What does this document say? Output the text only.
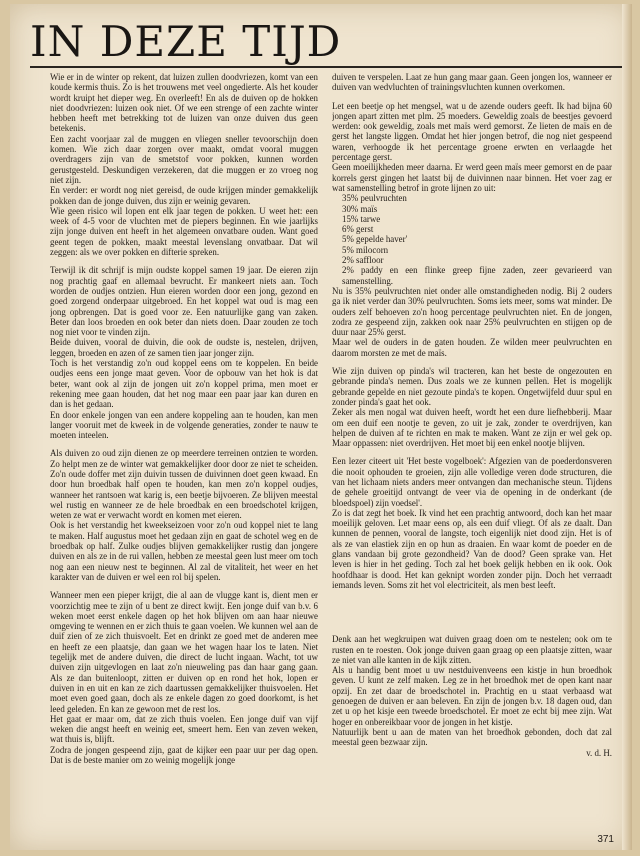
IN DEZE TIJD

Wie er in de winter op rekent, dat luizen zullen doodvriezen, komt van een koude kermis thuis. Zo is het trouwens met veel ongedierte. Als het kouder wordt kruipt het dieper weg. En overleeft! En als de duiven op de hokken niet doodvriezen: luizen ook niet. Of we een strenge of een zachte winter hebben heeft met betrekking tot de luizen van onze duiven dus geen betekenis.

Een zacht voorjaar zal de muggen en vliegen sneller tevoorschijn doen komen. Wie zich daar zorgen over maakt, omdat vooral muggen overdragers zijn van de smetstof voor pokken, kunnen worden gerustgesteld. Deskundigen verzekeren, dat die muggen er zo vroeg nog niet zijn.

En verder: er wordt nog niet gereisd, de oude krijgen minder gemakkelijk pokken dan de jonge duiven, dus zijn er weinig gevaren.

Wie geen risico wil lopen ent elk jaar tegen de pokken. U weet het: een week of 4-5 voor de vluchten met de piepers beginnen. En wie jaarlijks zijn jonge duiven ent heeft in het algemeen onvatbare ouden. Want goed geent tegen de pokken, maakt meestal levenslang onvatbaar. Dat wil zeggen: als we over pokken en difterie spreken.

Terwijl ik dit schrijf is mijn oudste koppel samen 19 jaar. De eieren zijn nog prachtig gaaf en allemaal bevrucht. Er mankeert niets aan. Toch worden de oudjes ontzien. Hun eieren worden door een jong, gezond en goed zorgend onderpaar uitgebroed. En het koppel wat oud is mag een jong opbrengen. Dat is goed voor ze. Een natuurlijke gang van zaken. Beter dan loos broeden en ook beter dan niets doen. Daar zouden ze toch nog niet voor te vinden zijn.

Beide duiven, vooral de duivin, die ook de oudste is, nestelen, drijven, leggen, broeden en azen of ze samen tien jaar jonger zijn.

Toch is het verstandig zo'n oud koppel eens om te koppelen. En beide oudjes eens een jonge maat geven. Voor de opbouw van het hok is dat beter, want ook al zijn de jongen uit zo'n koppel prima, men moet er rekening mee gaan houden, dat het nog maar een paar jaar kan duren en dan is het gedaan.

En door enkele jongen van een andere koppeling aan te houden, kan men langer vooruit met de kweek in de volgende generaties, zonder te nauw te moeten inteelen.

Als duiven zo oud zijn dienen ze op meerdere terreinen ontzien te worden. Zo helpt men ze de winter wat gemakkelijker door door ze niet te scheiden. Zo'n oude doffer met zijn duivin tussen de duivinnen doet geen kwaad. En door hun broedbak half open te houden, kan men zo'n koppel oudjes, wanneer het rantsoen wat karig is, een beetje bijvoeren. Ze blijven meestal wel rustig en wanneer ze de hele broedbak en een broedschotel krijgen, weten ze wat er verwacht wordt en komen met eieren.

Ook is het verstandig het kweekseizoen voor zo'n oud koppel niet te lang te maken. Half augustus moet het gedaan zijn en gaat de schotel weg en de broedbak op half. Zulke oudjes blijven gemakkelijker rustig dan jongere duiven en als ze in de rui vallen, hebben ze meestal geen lust meer om toch nog aan een nieuw nest te beginnen. Al zal de vitaliteit, het weer en het karakter van de duiven er wel een rol bij spelen.

Wanneer men een pieper krijgt, die al aan de vlugge kant is, dient men er voorzichtig mee te zijn of u bent ze direct kwijt. Een jonge duif van b.v. 6 weken moet eerst enkele dagen op het hok blijven om aan haar nieuwe omgeving te wennen en er zich thuis te gaan voelen. We kunnen wel aan de duif zien of ze zich thuisvoelt. Eet en drinkt ze goed met de anderen mee en heeft ze een plaatsje, dan gaan we het wagen haar los te laten. Niet tegelijk met de andere duiven, die direct de lucht ingaan. Wacht, tot uw duiven zijn uitgevlogen en laat zo'n nieuweling pas dan haar gang gaan. Als ze dan buitenloopt, zitten er duiven op en rond het hok, lopen er duiven in en uit en kan ze zich daartussen gemakkelijker thuisvoelen. Het moet even goed gaan, doch als ze enkele dagen zo goed doorkomt, is het leed geleden. En kan ze gewoon met de rest los.

Het gaat er maar om, dat ze zich thuis voelen. Een jonge duif van vijf weken die angst heeft en weinig eet, smeert hem. Een van zeven weken, wat thuis is, blijft.

Zodra de jongen gespeend zijn, gaat de kijker een paar uur per dag open. Dat is de beste manier om zo weinig mogelijk jonge

duiven te verspelen. Laat ze hun gang maar gaan. Geen jongen los, wanneer er duiven van wedvluchten of trainingsvluchten kunnen overkomen.

Let een beetje op het mengsel, wat u de azende ouders geeft. Ik had bijna 60 jongen apart zitten met plm. 25 moeders. Geweldig zoals de beestjes gevoerd werden: ook geweldig, zoals met maïs werd gemorst. Ze lieten de maïs en de gerst het langste liggen. Omdat het hier jongen betrof, die nog niet gespeend waren, verhoogde ik het percentage groene erwten en verlaagde het percentage gerst.

Geen moeilijkheden meer daarna. Er werd geen maïs meer gemorst en de paar korrels gerst gingen het laatst bij de duivinnen naar binnen. Het voer zag er wat samenstelling betrof in grote lijnen zo uit:

35% peulvruchten
30% maïs
15% tarwe
6% gerst
5% gepelde haver'
5% milocorn
2% saffloor
2% paddy en een flinke greep fijne zaden, zeer gevarieerd van samenstelling.

Nu is 35% peulvruchten niet onder alle omstandigheden nodig. Bij 2 ouders ga ik niet verder dan 30% peulvruchten. Soms iets meer, soms wat minder. De ouders zelf behoeven zo'n hoog percentage peulvruchten niet. En de jongen, zodra ze gespeend zijn, zakken ook naar 25% peulvruchten en stijgen op de duur naar 25% gerst.

Maar wel de ouders in de gaten houden. Ze wilden meer peulvruchten en daarom morsten ze met de maïs.

Wie zijn duiven op pinda's wil tracteren, kan het beste de ongezouten en gebrande pinda's nemen. Dus zoals we ze kunnen pellen. Het is mogelijk gebrande gepelde en niet gezoute pinda's te kopen. Ongetwijfeld duur spul en zonder pinda's gaat het ook.

Zeker als men nogal wat duiven heeft, wordt het een dure liefhebberij. Maar om een duif een nootje te geven, zo uit je zak, zonder te overdrijven, kan helpen de duiven af te richten en mak te maken. Want ze zijn er wel gek op. Maar oppassen: niet overdrijven. Het moet bij een enkel nootje blijven.

Een lezer citeert uit 'Het beste vogelboek': Afgezien van de poederdonsveren die nooit ophouden te groeien, zijn alle volledige veren dode structuren, die van het lichaam niets anders meer ontvangen dan mechanische steun. Tijdens de gehele groeitijd ontvangt de veer via de opening in de onderkant (de bloedspoel) zijn voedsel'.

Zo is dat zegt het boek. Ik vind het een prachtig antwoord, doch kan het maar moeilijk geloven. Let maar eens op, als een duif vliegt. Of als ze daalt. Dan kunnen de pennen, vooral de langste, toch eigenlijk niet dood zijn. Het is of als ze van elastiek zijn en op hun as draaien. En waar komt de poeder en de glans vandaan bij grote gezondheid? Van de dood? Geen sprake van. Het leven is hier in het geding. Toch zal het boek gelijk hebben en ik ook. Ook hoofdhaar is dood. Het kan geknipt worden zonder pijn. Doch het verraadt iemands leven. Soms zit het vol electriciteit, als men best leeft.

Denk aan het wegkruipen wat duiven graag doen om te nestelen; ook om te rusten en te roesten. Ook jonge duiven gaan graag op een plaatsje zitten, waar ze niet van alle kanten in de kijk zitten.

Als u handig bent moet u uw nestduivenveens een kistje in hun broedhok geven. U kunt ze zelf maken. Leg ze in het broedhok met de open kant naar opzij. En zet daar de broedschotel in. Prachtig en u staat verbaasd wat genoegen de duiven er aan beleven. En zijn de jongen b.v. 18 dagen oud, dan zet u op het kisje een tweede broedschotel. Er moet ze echt bij mee zijn. Wat hoger en onbereikbaar voor de jongen in het kistje.

Natuurlijk bent u aan de maten van het broedhok gebonden, doch dat zal meestal geen bezwaar zijn.

v. d. H.

371
